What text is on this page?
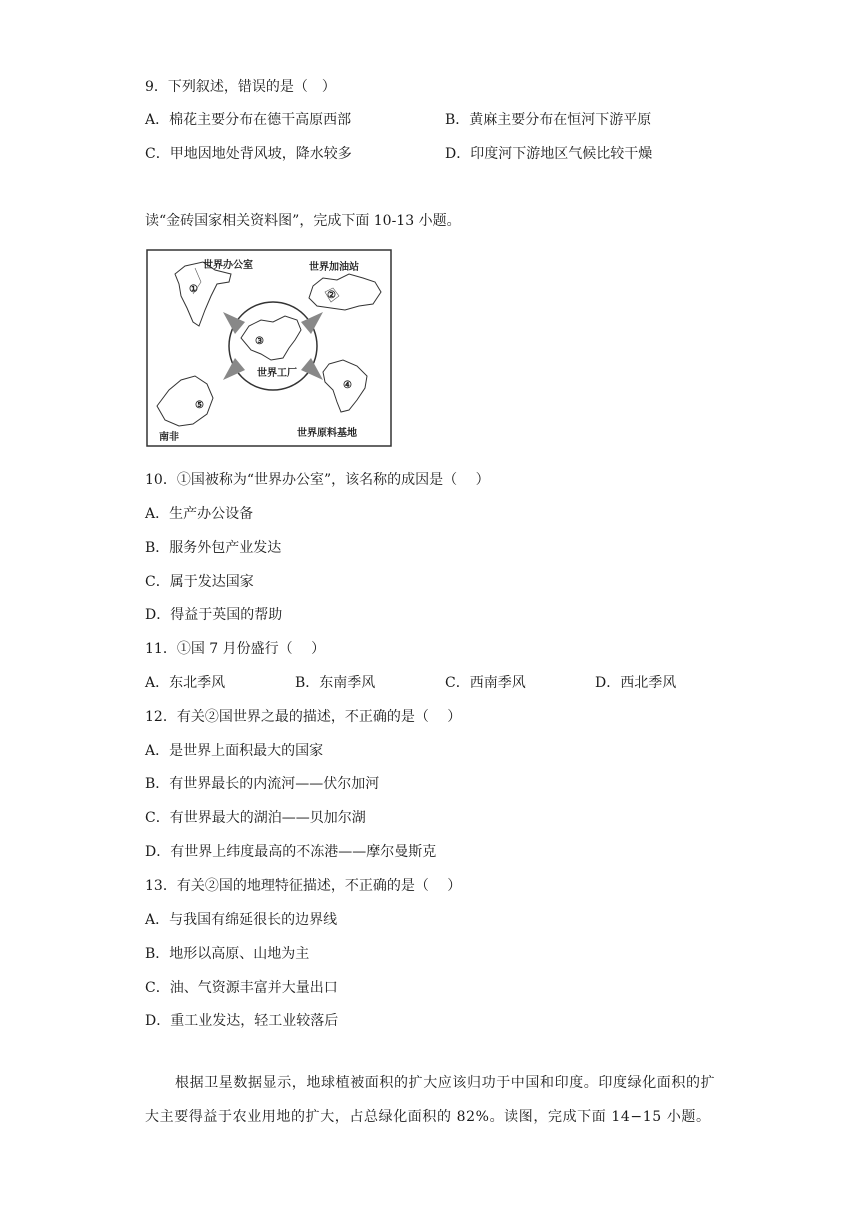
9．下列叙述，错误的是（　）
A．棉花主要分布在德干高原西部	B．黄麻主要分布在恒河下游平原
C．甲地因地处背风坡，降水较多	D．印度河下游地区气候比较干燥
读“金砖国家相关资料图”，完成下面 10-13 小题。
世界办公室	世界加油站
世界工厂
南非	世界原料基地
①
②
③
④
⑤
10．①国被称为“世界办公室”，该名称的成因是（　 ）
A．生产办公设备
B．服务外包产业发达
C．属于发达国家
D．得益于英国的帮助
11．①国 7 月份盛行（　 ）
A．东北季风	B．东南季风	C．西南季风	D．西北季风
12．有关②国世界之最的描述，不正确的是（　 ）
A．是世界上面积最大的国家
B．有世界最长的内流河——伏尔加河
C．有世界最大的湖泊——贝加尔湖
D．有世界上纬度最高的不冻港——摩尔曼斯克
13．有关②国的地理特征描述，不正确的是（　 ）
A．与我国有绵延很长的边界线
B．地形以高原、山地为主
C．油、气资源丰富并大量出口
D．重工业发达，轻工业较落后
根据卫星数据显示，地球植被面积的扩大应该归功于中国和印度。印度绿化面积的扩大主要得益于农业用地的扩大，占总绿化面积的 82%。读图，完成下面 14−15 小题。
